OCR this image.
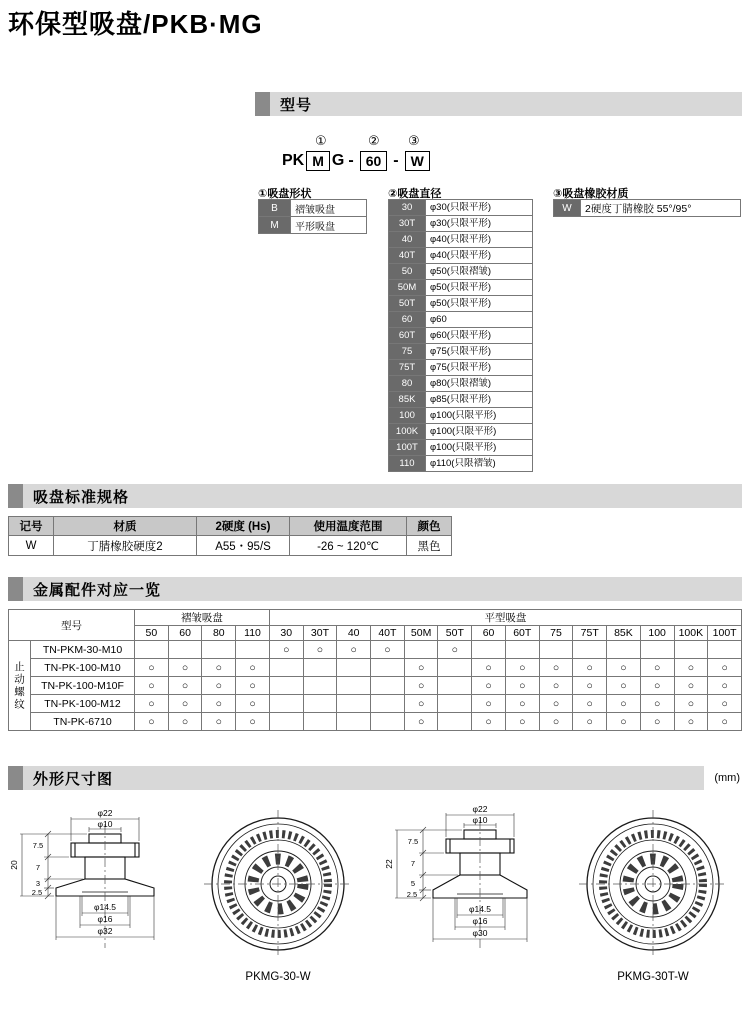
环保型吸盘/PKB·MG
型号
①	② ③
PK M G - 60 - W
①吸盘形状
B	褶皱吸盘
M	平形吸盘
②吸盘直径
30	φ30(只限平形)
30T	φ30(只限平形)
40	φ40(只限平形)
40T	φ40(只限平形)
50	φ50(只限褶皱)
50M	φ50(只限平形)
50T	φ50(只限平形)
60	φ60
60T	φ60(只限平形)
75	φ75(只限平形)
75T	φ75(只限平形)
80	φ80(只限褶皱)
85K	φ85(只限平形)
100	φ100(只限平形)
100K	φ100(只限平形)
100T	φ100(只限平形)
110	φ110(只限褶皱)
③吸盘橡胶材质
W	2硬度丁腈橡胶 55°/95°
吸盘标准规格
记号	材质	2硬度 (Hs)	使用温度范围	颜色
W	丁腈橡胶硬度2	A55・95/S	-26 ~ 120℃	黑色
金属配件对应一览
型号		褶皱吸盘				平型吸盘													
		50	60	80	110	30	30T	40	40T	50M	50T	60	60T	75	75T	85K	100	100K	100T
止动螺纹	TN-PKM-30-M10					○	○	○	○		○								
	TN-PK-100-M10	○	○	○	○					○		○	○	○	○	○	○	○	○
	TN-PK-100-M10F	○	○	○	○					○		○	○	○	○	○	○	○	○
	TN-PK-100-M12	○	○	○	○					○		○	○	○	○	○	○	○	○
	TN-PK-6710	○	○	○	○					○		○	○	○	○	○	○	○	○
外形尺寸图	(mm)
φ22
φ10
20
7.5
7
3
2.5
φ14.5
φ16
φ32
PKMG-30-W
φ22
φ10
22
7.5
7
5
2.5
φ14.5
φ16
φ30
PKMG-30T-W
